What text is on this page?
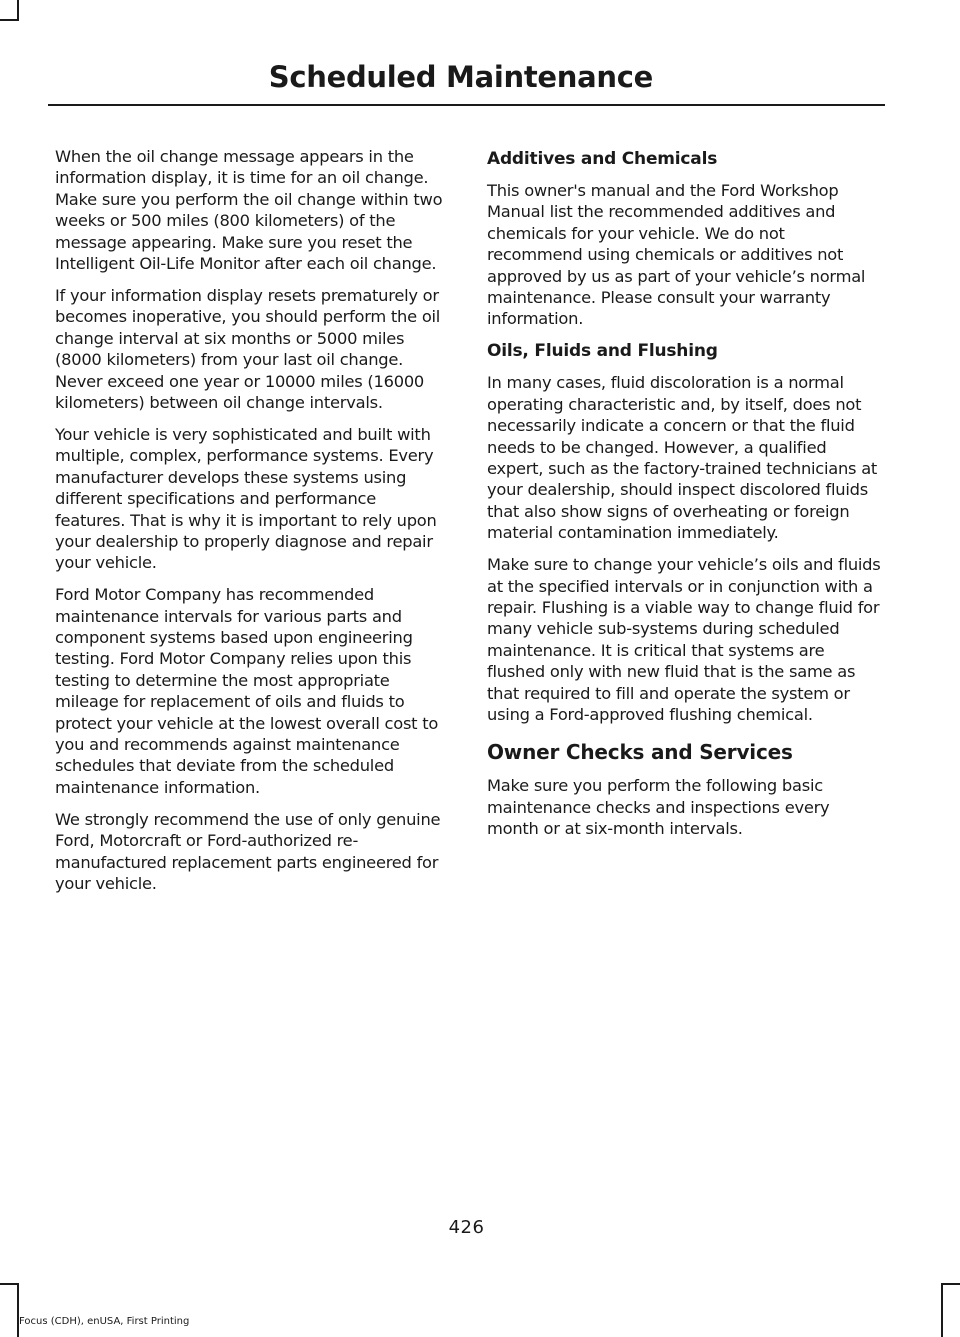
Scheduled Maintenance

When the oil change message appears in the information display, it is time for an oil change. Make sure you perform the oil change within two weeks or 500 miles (800 kilometers) of the message appearing. Make sure you reset the Intelligent Oil-Life Monitor after each oil change.

If your information display resets prematurely or becomes inoperative, you should perform the oil change interval at six months or 5000 miles (8000 kilometers) from your last oil change. Never exceed one year or 10000 miles (16000 kilometers) between oil change intervals.

Your vehicle is very sophisticated and built with multiple, complex, performance systems. Every manufacturer develops these systems using different specifications and performance features. That is why it is important to rely upon your dealership to properly diagnose and repair your vehicle.

Ford Motor Company has recommended maintenance intervals for various parts and component systems based upon engineering testing. Ford Motor Company relies upon this testing to determine the most appropriate mileage for replacement of oils and fluids to protect your vehicle at the lowest overall cost to you and recommends against maintenance schedules that deviate from the scheduled maintenance information.

We strongly recommend the use of only genuine Ford, Motorcraft or Ford-authorized re-manufactured replacement parts engineered for your vehicle.

Additives and Chemicals

This owner's manual and the Ford Workshop Manual list the recommended additives and chemicals for your vehicle. We do not recommend using chemicals or additives not approved by us as part of your vehicle’s normal maintenance. Please consult your warranty information.

Oils, Fluids and Flushing

In many cases, fluid discoloration is a normal operating characteristic and, by itself, does not necessarily indicate a concern or that the fluid needs to be changed. However, a qualified expert, such as the factory-trained technicians at your dealership, should inspect discolored fluids that also show signs of overheating or foreign material contamination immediately.

Make sure to change your vehicle’s oils and fluids at the specified intervals or in conjunction with a repair. Flushing is a viable way to change fluid for many vehicle sub-systems during scheduled maintenance. It is critical that systems are flushed only with new fluid that is the same as that required to fill and operate the system or using a Ford-approved flushing chemical.

Owner Checks and Services

Make sure you perform the following basic maintenance checks and inspections every month or at six-month intervals.

426
Focus (CDH), enUSA, First Printing
